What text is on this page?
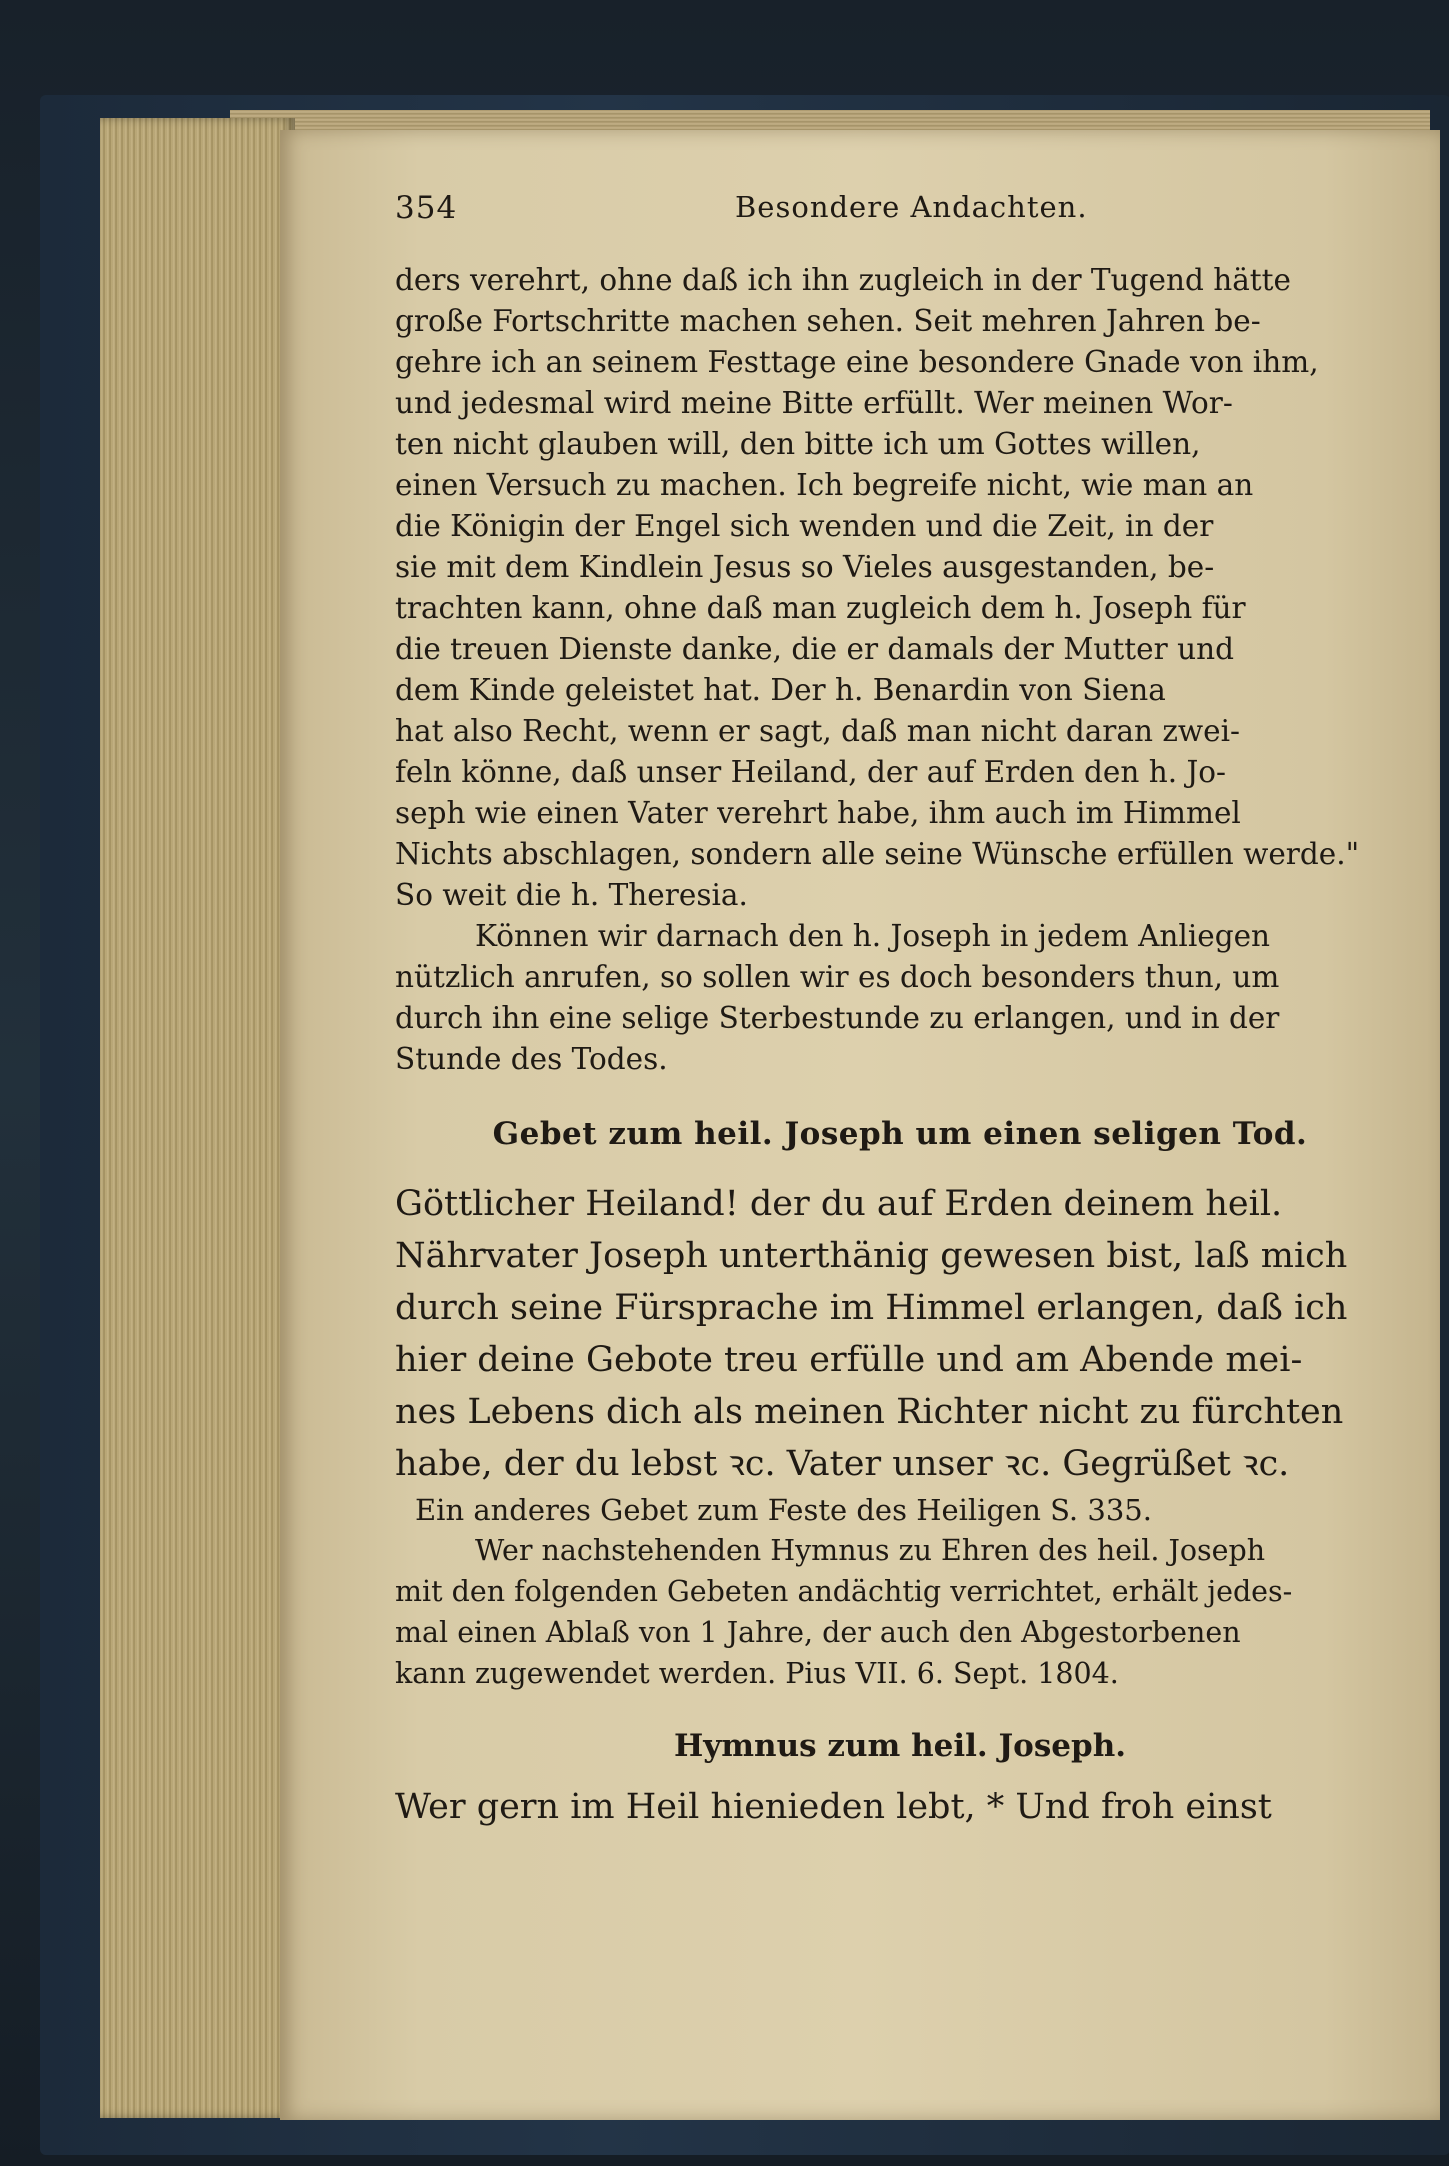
354	Besondere Andachten.
ders verehrt, ohne daß ich ihn zugleich in der Tugend hätte
große Fortschritte machen sehen. Seit mehren Jahren be-
gehre ich an seinem Festtage eine besondere Gnade von ihm,
und jedesmal wird meine Bitte erfüllt. Wer meinen Wor-
ten nicht glauben will, den bitte ich um Gottes willen,
einen Versuch zu machen. Ich begreife nicht, wie man an
die Königin der Engel sich wenden und die Zeit, in der
sie mit dem Kindlein Jesus so Vieles ausgestanden, be-
trachten kann, ohne daß man zugleich dem h. Joseph für
die treuen Dienste danke, die er damals der Mutter und
dem Kinde geleistet hat. Der h. Benardin von Siena
hat also Recht, wenn er sagt, daß man nicht daran zwei-
feln könne, daß unser Heiland, der auf Erden den h. Jo-
seph wie einen Vater verehrt habe, ihm auch im Himmel
Nichts abschlagen, sondern alle seine Wünsche erfüllen werde."
So weit die h. Theresia.
Können wir darnach den h. Joseph in jedem Anliegen
nützlich anrufen, so sollen wir es doch besonders thun, um
durch ihn eine selige Sterbestunde zu erlangen, und in der
Stunde des Todes.
Gebet zum heil. Joseph um einen seligen Tod.
Göttlicher Heiland! der du auf Erden deinem heil.
Nährvater Joseph unterthänig gewesen bist, laß mich
durch seine Fürsprache im Himmel erlangen, daß ich
hier deine Gebote treu erfülle und am Abende mei-
nes Lebens dich als meinen Richter nicht zu fürchten
habe, der du lebst ꝛc. Vater unser ꝛc. Gegrüßet ꝛc.
Ein anderes Gebet zum Feste des Heiligen S. 335.
Wer nachstehenden Hymnus zu Ehren des heil. Joseph
mit den folgenden Gebeten andächtig verrichtet, erhält jedes-
mal einen Ablaß von 1 Jahre, der auch den Abgestorbenen
kann zugewendet werden. Pius VII. 6. Sept. 1804.
Hymnus zum heil. Joseph.
Wer gern im Heil hienieden lebt, * Und froh einst
